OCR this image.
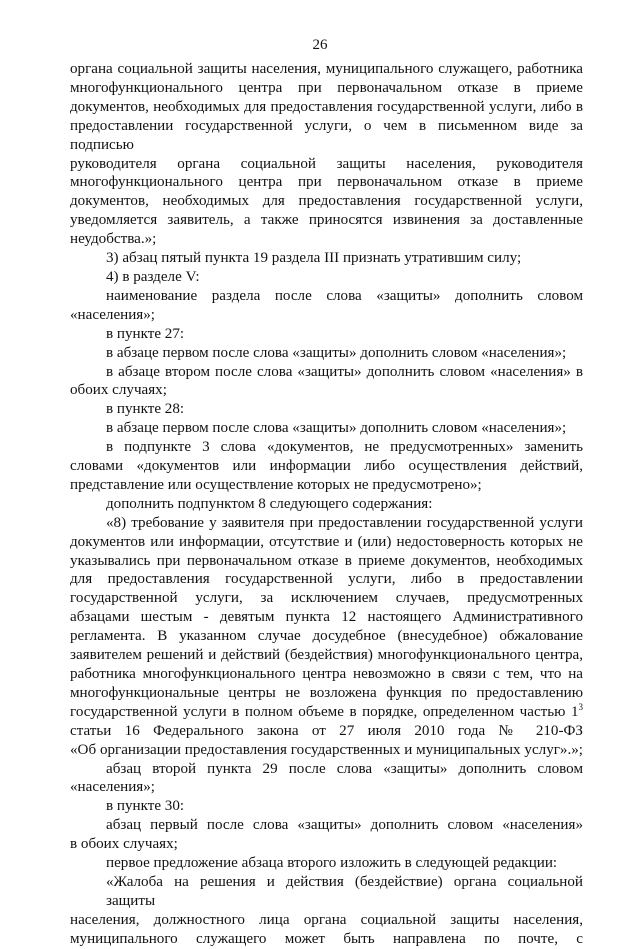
26
органа социальной защиты населения, муниципального служащего, работника
многофункционального центра при первоначальном отказе в приеме
документов, необходимых для предоставления государственной услуги, либо в
предоставлении государственной услуги, о чем в письменном виде за подписью
руководителя органа социальной защиты населения, руководителя
многофункционального центра при первоначальном отказе в приеме
документов, необходимых для предоставления государственной услуги,
уведомляется заявитель, а также приносятся извинения за доставленные
неудобства.»;
3) абзац пятый пункта 19 раздела III признать утратившим силу;
4) в разделе V:
наименование раздела после слова «защиты» дополнить словом
«населения»;
в пункте 27:
в абзаце первом после слова «защиты» дополнить словом «населения»;
в абзаце втором после слова «защиты» дополнить словом «населения» в
обоих случаях;
в пункте 28:
в абзаце первом после слова «защиты» дополнить словом «населения»;
в подпункте 3 слова «документов, не предусмотренных» заменить
словами «документов или информации либо осуществления действий,
представление или осуществление которых не предусмотрено»;
дополнить подпунктом 8 следующего содержания:
«8) требование у заявителя при предоставлении государственной услуги
документов или информации, отсутствие и (или) недостоверность которых не
указывались при первоначальном отказе в приеме документов, необходимых
для предоставления государственной услуги, либо в предоставлении
государственной услуги, за исключением случаев, предусмотренных
абзацами шестым - девятым пункта 12 настоящего Административного
регламента. В указанном случае досудебное (внесудебное) обжалование
заявителем решений и действий (бездействия) многофункционального центра,
работника многофункционального центра невозможно в связи с тем, что на
многофункциональные центры не возложена функция по предоставлению
государственной услуги в полном объеме в порядке, определенном частью $1^3$
статьи 16 Федерального закона от 27 июля 2010 года № 210-ФЗ
«Об организации предоставления государственных и муниципальных услуг».»;
абзац второй пункта 29 после слова «защиты» дополнить словом
«населения»;
в пункте 30:
абзац первый после слова «защиты» дополнить словом «населения»
в обоих случаях;
первое предложение абзаца второго изложить в следующей редакции:
«Жалоба на решения и действия (бездействие) органа социальной защиты
населения, должностного лица органа социальной защиты населения,
муниципального служащего может быть направлена по почте, с
